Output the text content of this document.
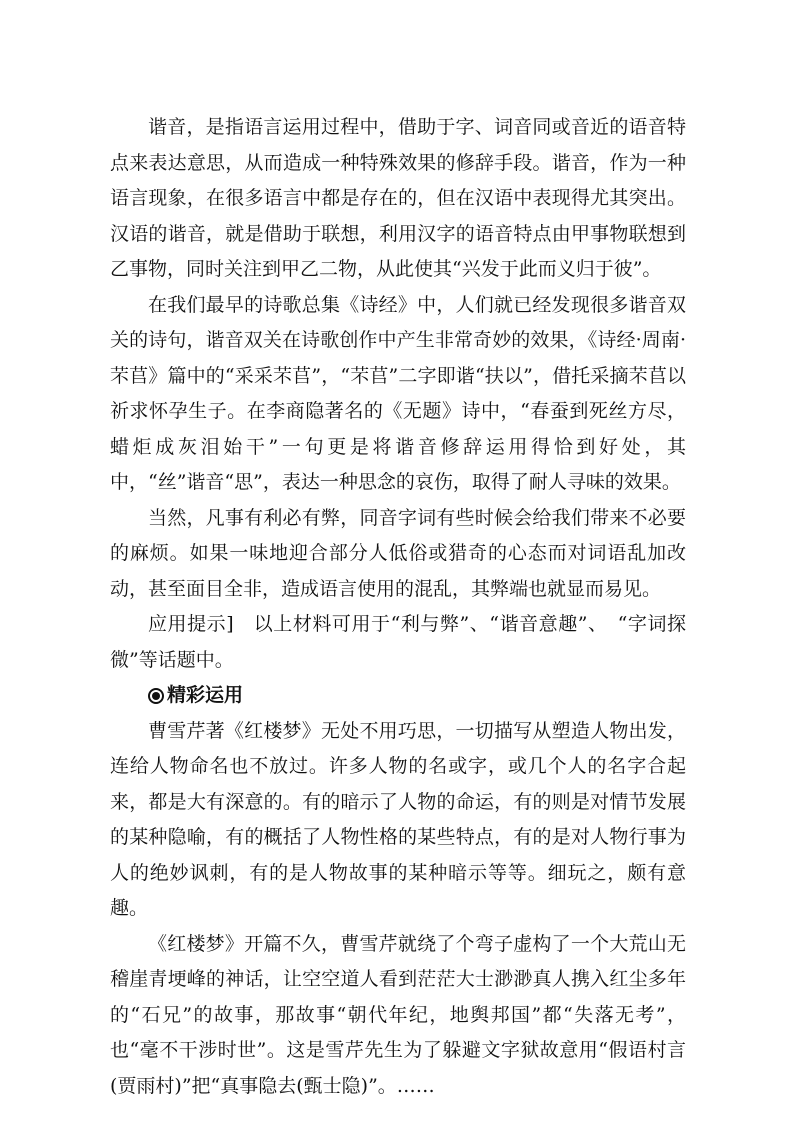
谐音，是指语言运用过程中，借助于字、词音同或音近的语音特点来表达意思，从而造成一种特殊效果的修辞手段。谐音，作为一种语言现象，在很多语言中都是存在的，但在汉语中表现得尤其突出。汉语的谐音，就是借助于联想，利用汉字的语音特点由甲事物联想到乙事物，同时关注到甲乙二物，从此使其“兴发于此而义归于彼”。

在我们最早的诗歌总集《诗经》中，人们就已经发现很多谐音双关的诗句，谐音双关在诗歌创作中产生非常奇妙的效果，《诗经·周南·芣苢》篇中的“采采芣苢”，“芣苢”二字即谐“扶以”，借托采摘芣苢以祈求怀孕生子。在李商隐著名的《无题》诗中，“春蚕到死丝方尽，蜡炬成灰泪始干”一句更是将谐音修辞运用得恰到好处，其中，“丝”谐音“思”，表达一种思念的哀伤，取得了耐人寻味的效果。

当然，凡事有利必有弊，同音字词有些时候会给我们带来不必要的麻烦。如果一味地迎合部分人低俗或猎奇的心态而对词语乱加改动，甚至面目全非，造成语言使用的混乱，其弊端也就显而易见。

应用提示]　以上材料可用于“利与弊”、“谐音意趣”、　“字词探微”等话题中。

精彩运用

曹雪芹著《红楼梦》无处不用巧思，一切描写从塑造人物出发，连给人物命名也不放过。许多人物的名或字，或几个人的名字合起来，都是大有深意的。有的暗示了人物的命运，有的则是对情节发展的某种隐喻，有的概括了人物性格的某些特点，有的是对人物行事为人的绝妙讽刺，有的是人物故事的某种暗示等等。细玩之，颇有意趣。

《红楼梦》开篇不久，曹雪芹就绕了个弯子虚构了一个大荒山无稽崖青埂峰的神话，让空空道人看到茫茫大士渺渺真人携入红尘多年的“石兄”的故事，那故事“朝代年纪，地舆邦国”都“失落无考”，也“毫不干涉时世”。这是雪芹先生为了躲避文字狱故意用“假语村言(贾雨村)”把“真事隐去(甄士隐)”。……
